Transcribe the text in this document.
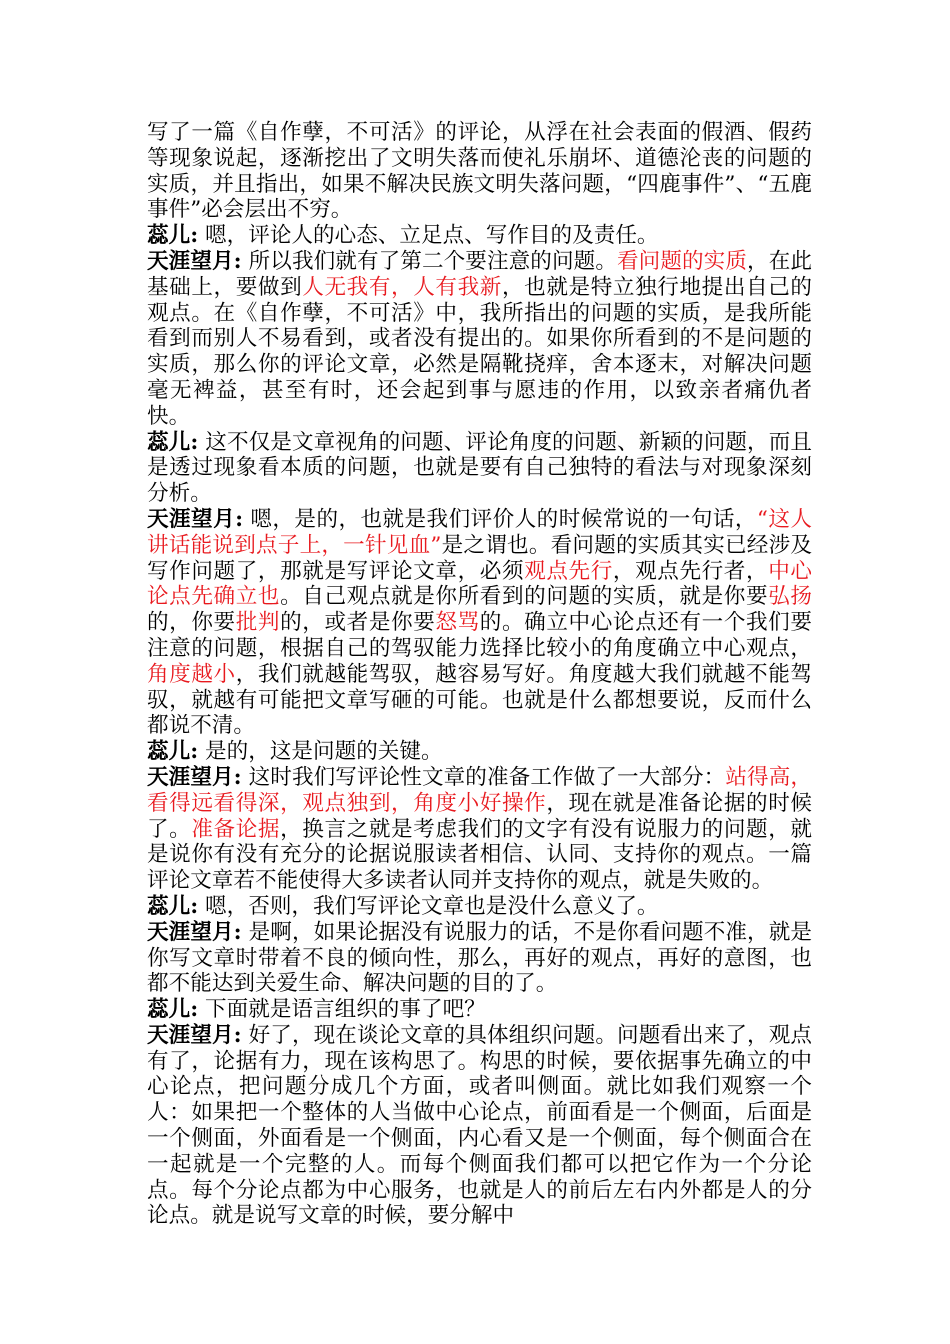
写了一篇《自作孽，不可活》的评论，从浮在社会表面的假酒、假药等现象说起，逐渐挖出了文明失落而使礼乐崩坏、道德沦丧的问题的实质，并且指出，如果不解决民族文明失落问题，“四鹿事件”、“五鹿事件”必会层出不穷。

蕊儿: 嗯，评论人的心态、立足点、写作目的及责任。

天涯望月: 所以我们就有了第二个要注意的问题。看问题的实质，在此基础上，要做到人无我有，人有我新，也就是特立独行地提出自己的观点。在《自作孽，不可活》中，我所指出的问题的实质，是我所能看到而别人不易看到，或者没有提出的。如果你所看到的不是问题的实质，那么你的评论文章，必然是隔靴挠痒，舍本逐末，对解决问题毫无裨益，甚至有时，还会起到事与愿违的作用，以致亲者痛仇者快。

蕊儿: 这不仅是文章视角的问题、评论角度的问题、新颖的问题，而且是透过现象看本质的问题，也就是要有自己独特的看法与对现象深刻分析。

天涯望月: 嗯，是的，也就是我们评价人的时候常说的一句话，“这人讲话能说到点子上，一针见血”是之谓也。看问题的实质其实已经涉及写作问题了，那就是写评论文章，必须观点先行，观点先行者，中心论点先确立也。自己观点就是你所看到的问题的实质，就是你要弘扬的，你要批判的，或者是你要怒骂的。确立中心论点还有一个我们要注意的问题，根据自己的驾驭能力选择比较小的角度确立中心观点，角度越小，我们就越能驾驭，越容易写好。角度越大我们就越不能驾驭，就越有可能把文章写砸的可能。也就是什么都想要说，反而什么都说不清。

蕊儿: 是的，这是问题的关键。

天涯望月: 这时我们写评论性文章的准备工作做了一大部分：站得高，看得远看得深，观点独到，角度小好操作，现在就是准备论据的时候了。准备论据，换言之就是考虑我们的文字有没有说服力的问题，就是说你有没有充分的论据说服读者相信、认同、支持你的观点。一篇评论文章若不能使得大多读者认同并支持你的观点，就是失败的。

蕊儿: 嗯，否则，我们写评论文章也是没什么意义了。

天涯望月: 是啊，如果论据没有说服力的话，不是你看问题不准，就是你写文章时带着不良的倾向性，那么，再好的观点，再好的意图，也都不能达到关爱生命、解决问题的目的了。

蕊儿: 下面就是语言组织的事了吧？

天涯望月: 好了，现在谈论文章的具体组织问题。问题看出来了，观点有了，论据有力，现在该构思了。构思的时候，要依据事先确立的中心论点，把问题分成几个方面，或者叫侧面。就比如我们观察一个人：如果把一个整体的人当做中心论点，前面看是一个侧面，后面是一个侧面，外面看是一个侧面，内心看又是一个侧面，每个侧面合在一起就是一个完整的人。而每个侧面我们都可以把它作为一个分论点。每个分论点都为中心服务，也就是人的前后左右内外都是人的分论点。就是说写文章的时候，要分解中
